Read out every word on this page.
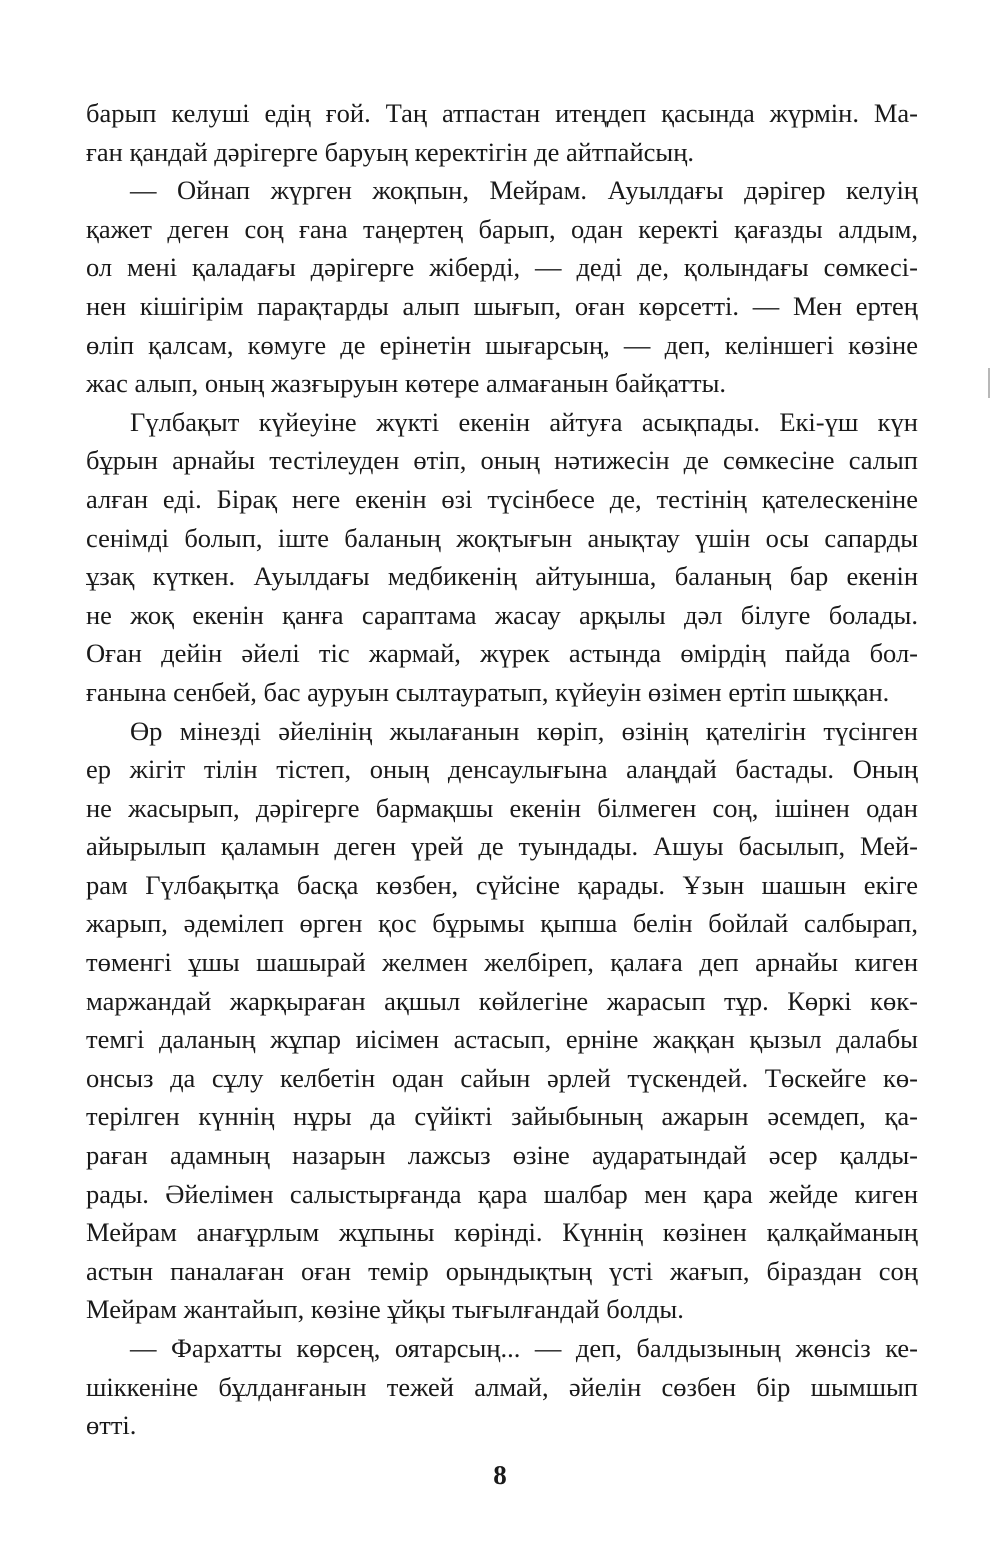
барып келуші едің ғой. Таң атпастан итеңдеп қасында жүрмін. Ма-
ған қандай дәрігерге баруың керектігін де айтпайсың.
— Ойнап жүрген жоқпын, Мейрам. Ауылдағы дәрігер келуің
қажет деген соң ғана таңертең барып, одан керекті қағазды алдым,
ол мені қаладағы дәрігерге жіберді, — деді де, қолындағы сөмкесі-
нен кішігірім парақтарды алып шығып, оған көрсетті. — Мен ертең
өліп қалсам, көмуге де ерінетін шығарсың, — деп, келіншегі көзіне
жас алып, оның жазғыруын көтере алмағанын байқатты.
Гүлбақыт күйеуіне жүкті екенін айтуға асықпады. Екі-үш күн
бұрын арнайы тестілеуден өтіп, оның нәтижесін де сөмкесіне салып
алған еді. Бірақ неге екенін өзі түсінбесе де, тестінің қателескеніне
сенімді болып, іште баланың жоқтығын анықтау үшін осы сапарды
ұзақ күткен. Ауылдағы медбикенің айтуынша, баланың бар екенін
не жоқ екенін қанға сараптама жасау арқылы дәл білуге болады.
Оған дейін әйелі тіс жармай, жүрек астында өмірдің пайда бол-
ғанына сенбей, бас ауруын сылтауратып, күйеуін өзімен ертіп шыққан.
Өр мінезді әйелінің жылағанын көріп, өзінің қателігін түсінген
ер жігіт тілін тістеп, оның денсаулығына алаңдай бастады. Оның
не жасырып, дәрігерге бармақшы екенін білмеген соң, ішінен одан
айырылып қаламын деген үрей де туындады. Ашуы басылып, Мей-
рам Гүлбақытқа басқа көзбен, сүйсіне қарады. Ұзын шашын екіге
жарып, әдемілеп өрген қос бұрымы қыпша белін бойлай салбырап,
төменгі ұшы шашырай желмен желбіреп, қалаға деп арнайы киген
маржандай жарқыраған ақшыл көйлегіне жарасып тұр. Көркі көк-
темгі даланың жұпар иісімен астасып, ерніне жаққан қызыл далабы
онсыз да сұлу келбетін одан сайын әрлей түскендей. Төскейге кө-
терілген күннің нұры да сүйікті зайыбының ажарын әсемдеп, қа-
раған адамның назарын лажсыз өзіне аударатындай әсер қалды-
рады. Әйелімен салыстырғанда қара шалбар мен қара жейде киген
Мейрам анағұрлым жұпыны көрінді. Күннің көзінен қалқайманың
астын паналаған оған темір орындықтың үсті жағып, біраздан соң
Мейрам жантайып, көзіне ұйқы тығылғандай болды.
— Фархатты көрсең, оятарсың... — деп, балдызының жөнсіз ке-
шіккеніне бұлданғанын тежей алмай, әйелін сөзбен бір шымшып
өтті.
8
